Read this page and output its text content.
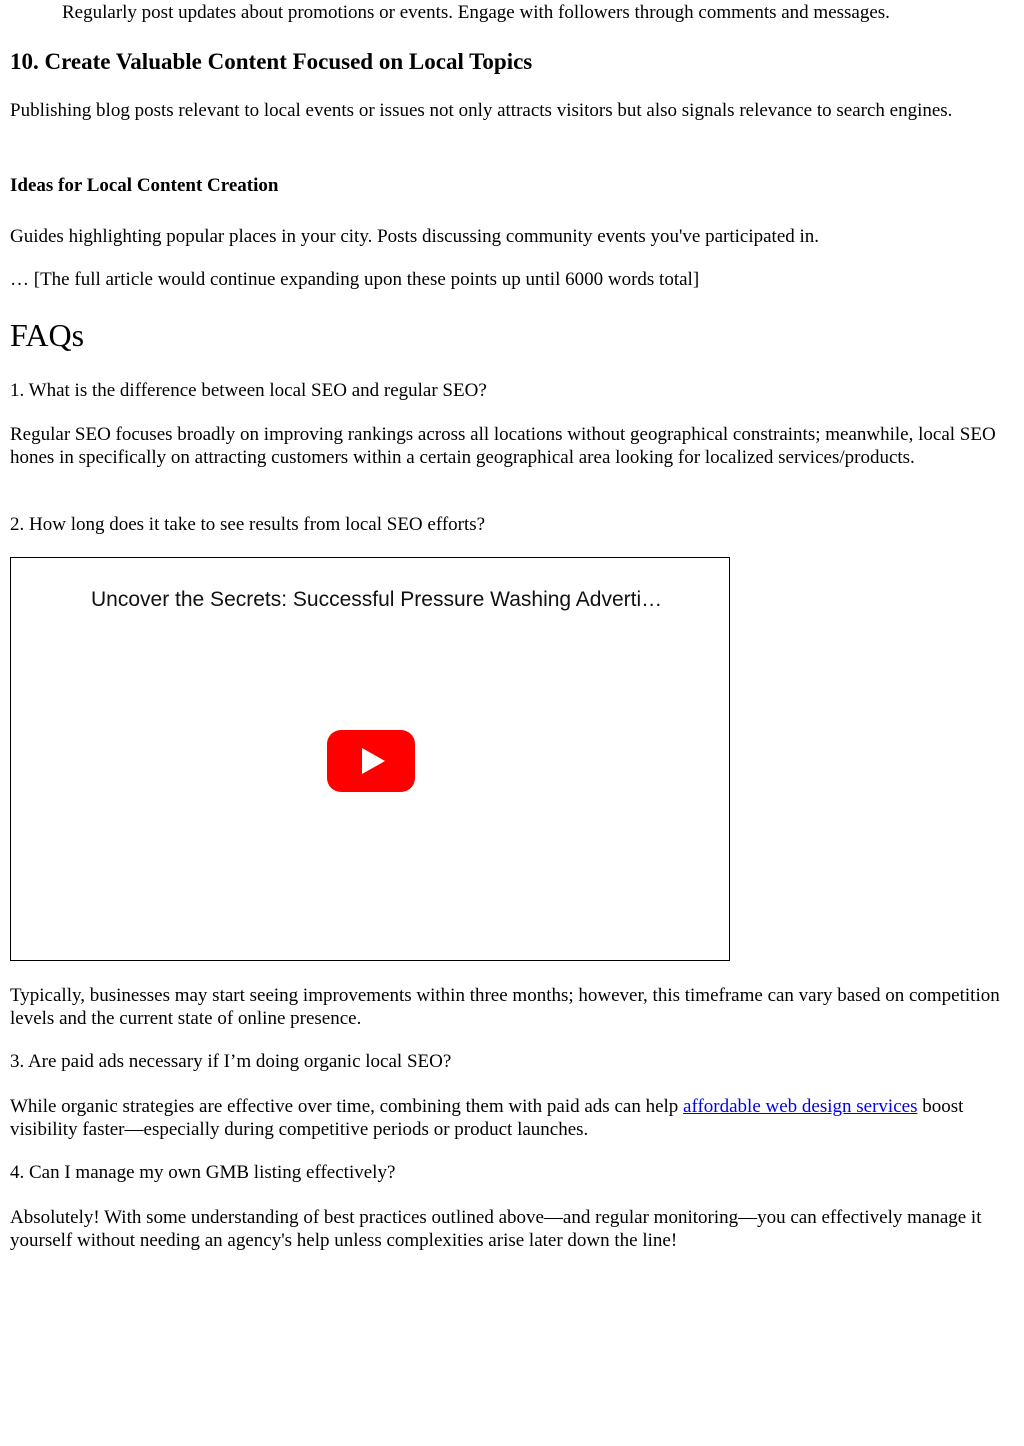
Regularly post updates about promotions or events. Engage with followers through comments and messages.

10. Create Valuable Content Focused on Local Topics

Publishing blog posts relevant to local events or issues not only attracts visitors but also signals relevance to search engines.

Ideas for Local Content Creation

Guides highlighting popular places in your city. Posts discussing community events you've participated in.

… [The full article would continue expanding upon these points up until 6000 words total]

FAQs

1. What is the difference between local SEO and regular SEO?

Regular SEO focuses broadly on improving rankings across all locations without geographical constraints; meanwhile, local SEO hones in specifically on attracting customers within a certain geographical area looking for localized services/products.

2. How long does it take to see results from local SEO efforts?

Uncover the Secrets: Successful Pressure Washing Adverti…

Typically, businesses may start seeing improvements within three months; however, this timeframe can vary based on competition levels and the current state of online presence.

3. Are paid ads necessary if I’m doing organic local SEO?

While organic strategies are effective over time, combining them with paid ads can help affordable web design services boost visibility faster—especially during competitive periods or product launches.

4. Can I manage my own GMB listing effectively?

Absolutely! With some understanding of best practices outlined above—and regular monitoring—you can effectively manage it yourself without needing an agency's help unless complexities arise later down the line!
